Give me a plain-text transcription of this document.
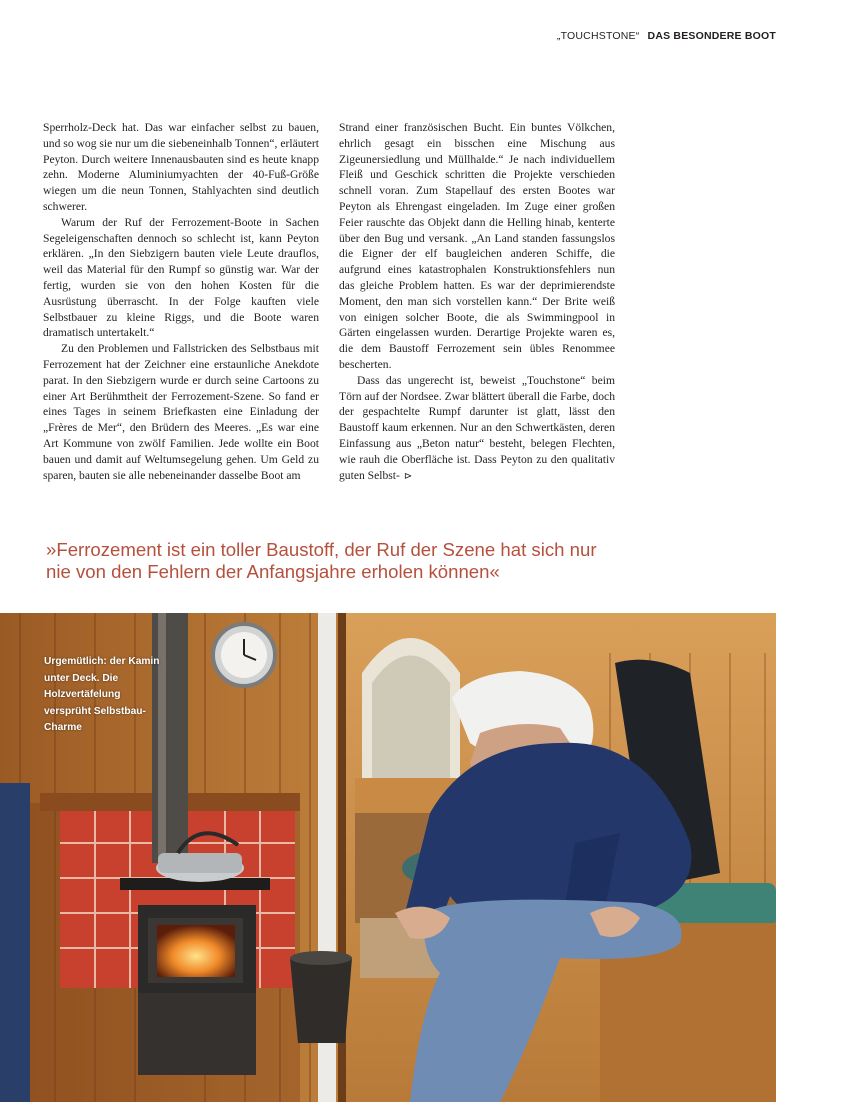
„TOUCHSTONE“ DAS BESONDERE BOOT

Sperrholz-Deck hat. Das war einfacher selbst zu bauen, und so wog sie nur um die siebeneinhalb Tonnen“, erläutert Peyton. Durch weitere Innenausbauten sind es heute knapp zehn. Moderne Aluminiumyachten der 40-Fuß-Größe wiegen um die neun Tonnen, Stahlyachten sind deutlich schwerer.

Warum der Ruf der Ferrozement-Boote in Sachen Segeleigenschaften dennoch so schlecht ist, kann Peyton erklären. „In den Siebzigern bauten viele Leute drauflos, weil das Material für den Rumpf so günstig war. War der fertig, wurden sie von den hohen Kosten für die Ausrüstung überrascht. In der Folge kauften viele Selbstbauer zu kleine Riggs, und die Boote waren dramatisch untertakelt.“

Zu den Problemen und Fallstricken des Selbstbaus mit Ferrozement hat der Zeichner eine erstaunliche Anekdote parat. In den Siebzigern wurde er durch seine Cartoons zu einer Art Berühmtheit der Ferrozement-Szene. So fand er eines Tages in seinem Briefkasten eine Einladung der „Frères de Mer“, den Brüdern des Meeres. „Es war eine Art Kommune von zwölf Familien. Jede wollte ein Boot bauen und damit auf Weltumsegelung gehen. Um Geld zu sparen, bauten sie alle nebeneinander dasselbe Boot am

Strand einer französischen Bucht. Ein buntes Völkchen, ehrlich gesagt ein bisschen eine Mischung aus Zigeunersiedlung und Müllhalde.“ Je nach individuellem Fleiß und Geschick schritten die Projekte verschieden schnell voran. Zum Stapellauf des ersten Bootes war Peyton als Ehrengast eingeladen. Im Zuge einer großen Feier rauschte das Objekt dann die Helling hinab, kenterte über den Bug und versank. „An Land standen fassungslos die Eigner der elf baugleichen anderen Schiffe, die aufgrund eines katastrophalen Konstruktionsfehlers nun das gleiche Problem hatten. Es war der deprimierendste Moment, den man sich vorstellen kann.“ Der Brite weiß von einigen solcher Boote, die als Swimmingpool in Gärten eingelassen wurden. Derartige Projekte waren es, die dem Baustoff Ferrozement sein übles Renommee bescherten.

Dass das ungerecht ist, beweist „Touchstone“ beim Törn auf der Nordsee. Zwar blättert überall die Farbe, doch der gespachtelte Rumpf darunter ist glatt, lässt den Baustoff kaum erkennen. Nur an den Schwertkästen, deren Einfassung aus „Beton natur“ besteht, belegen Flechten, wie rauh die Oberfläche ist. Dass Peyton zu den qualitativ guten Selbst- ⊳

»Ferrozement ist ein toller Baustoff, der Ruf der Szene hat sich nur
nie von den Fehlern der Anfangsjahre erholen können«
Urgemütlich: der Kamin unter Deck. Die Holzvertäfelung versprüht Selbstbau-Charme
